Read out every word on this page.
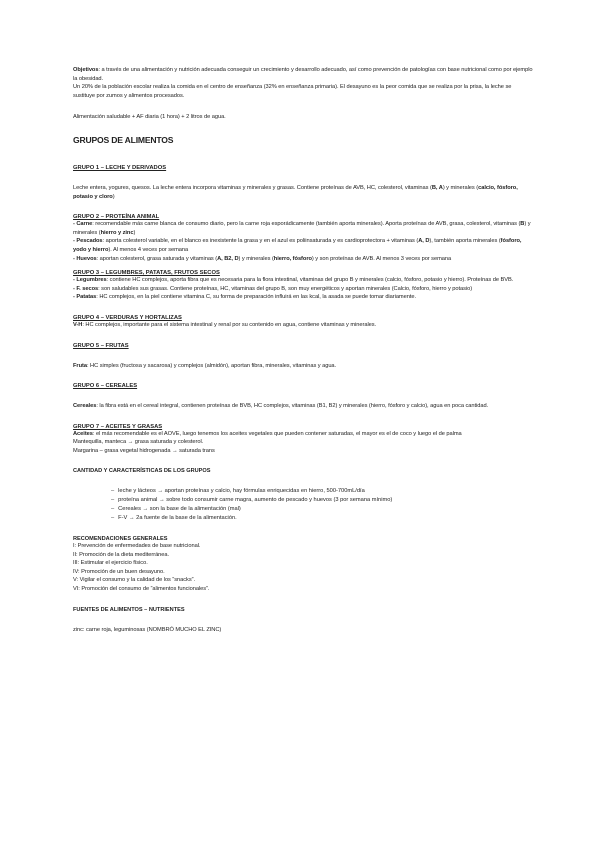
Objetivos: a través de una alimentación y nutrición adecuada conseguir un crecimiento y desarrollo adecuado, así como prevención de patologías con base nutricional como por ejemplo la obesidad.

Un 20% de la población escolar realiza la comida en el centro de enseñanza (32% en enseñanza primaria). El desayuno es la peor comida que se realiza por la prisa, la leche se sustituye por zumos y alimentos procesados.

Alimentación saludable + AF diaria (1 hora) + 2 litros de agua.

GRUPOS DE ALIMENTOS

GRUPO 1 – LECHE Y DERIVADOS

Leche entera, yogures, quesos. La leche entera incorpora vitaminas y minerales y grasas. Contiene proteínas de AVB, HC, colesterol, vitaminas (B, A) y minerales (calcio, fósforo, potasio y cloro)

GRUPO 2 – PROTEÍNA ANIMAL

- Carne: recomendable más carne blanca de consumo diario, pero la carne roja esporádicamente (también aporta minerales). Aporta proteínas de AVB, grasa, colesterol, vitaminas (B) y minerales (hierro y zinc)

- Pescados: aporta colesterol variable, en el blanco es inexistente la grasa y en el azul es poliinsaturada y es cardioprotectora + vitaminas (A, D), también aporta minerales (fósforo, yodo y hierro). Al menos 4 veces por semana

- Huevos: aportan colesterol, grasa saturada y vitaminas (A, B2, D) y minerales (hierro, fósforo) y son proteínas de AVB. Al menos 3 veces por semana

GRUPO 3 – LEGUMBRES, PATATAS, FRUTOS SECOS

- Legumbres: contiene HC complejos, aporta fibra que es necesaria para la flora intestinal, vitaminas del grupo B y minerales (calcio, fósforo, potasio y hierro). Proteínas de BVB.

- F. secos: son saludables sus grasas. Contiene proteínas, HC, vitaminas del grupo B, son muy energéticos y aportan minerales (Calcio, fósforo, hierro y potasio)

- Patatas: HC complejos, en la piel contiene vitamina C, su forma de preparación influirá en las kcal, la asada se puede tomar diariamente.

GRUPO 4 – VERDURAS Y HORTALIZAS

V-H: HC complejos, importante para el sistema intestinal y renal por su contenido en agua, contiene vitaminas y minerales.

GRUPO 5 – FRUTAS

Fruta: HC simples (fructosa y sacarosa) y complejos (almidón), aportan fibra, minerales, vitaminas y agua.

GRUPO 6 – CEREALES

Cereales: la fibra está en el cereal integral, contienen proteínas de BVB, HC complejos, vitaminas (B1, B2) y minerales (hierro, fósforo y calcio), agua en poca cantidad.

GRUPO 7 – ACEITES Y GRASAS

Aceites: el más recomendable es el AOVE, luego tenemos los aceites vegetales que pueden contener saturadas, el mayor es el de coco y luego el de palma

Mantequilla, manteca → grasa saturada y colesterol.

Margarina – grasa vegetal hidrogenada → saturada trans

CANTIDAD Y CARACTERÍSTICAS DE LOS GRUPOS

– leche y lácteos → aportan proteínas y calcio, hay fórmulas enriquecidas en hierro, 500-700mL/día
– proteína animal → sobre todo consumir carne magra, aumento de pescado y huevos (3 por semana mínimo)
– Cereales → son la base de la alimentación (mal)
– F-V → 2a fuente de la base de la alimentación.

RECOMENDACIONES GENERALES

I: Prevención de enfermedades de base nutricional.

II: Promoción de la dieta mediterránea.

III: Estimular el ejercicio físico.

IV: Promoción de un buen desayuno.

V: Vigilar el consumo y la calidad de los “snacks”.

VI: Promoción del consumo de “alimentos funcionales”.

FUENTES DE ALIMENTOS – NUTRIENTES

zinc: carne roja, leguminosas (NOMBRÓ MUCHO EL ZINC)
